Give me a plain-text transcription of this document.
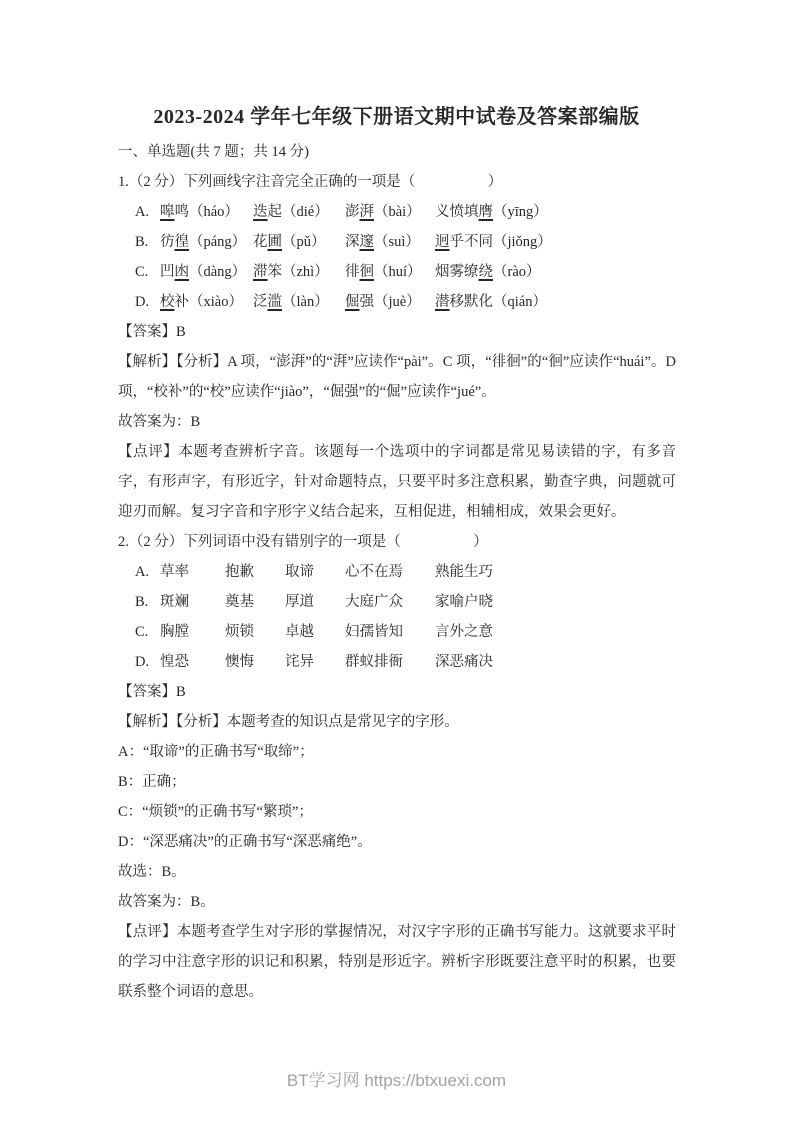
2023-2024 学年七年级下册语文期中试卷及答案部编版

一、单选题(共 7 题；共 14 分)

1.（2 分）下列画线字注音完全正确的一项是（　　　　　）

A. 嗥鸣（háo） 迭起（dié） 澎湃（bài） 义愤填膺（yīng）
B. 彷徨（páng） 花圃（pǔ） 深邃（suì） 迥乎不同（jiǒng）
C. 凹凼（dàng） 滞笨（zhì） 徘徊（huí） 烟雾缭绕（rào）
D. 校补（xiào） 泛滥（làn） 倔强（juè） 潜移默化（qián）

【答案】B

【解析】【分析】A 项，“澎湃”的“湃”应读作“pài”。C 项，“徘徊”的“徊”应读作“huái”。D 项，“校补”的“校”应读作“jiào”，“倔强”的“倔”应读作“jué”。

故答案为：B

【点评】本题考查辨析字音。该题每一个选项中的字词都是常见易读错的字，有多音字，有形声字，有形近字，针对命题特点，只要平时多注意积累，勤查字典，问题就可迎刃而解。复习字音和字形字义结合起来，互相促进，相辅相成，效果会更好。

2.（2 分）下列词语中没有错别字的一项是（　　　　　）

A. 草率 抱歉 取谛 心不在焉 熟能生巧
B. 斑斓 奠基 厚道 大庭广众 家喻户晓
C. 胸膛 烦锁 卓越 妇孺皆知 言外之意
D. 惶恐 懊悔 诧异 群蚁排衙 深恶痛决

【答案】B

【解析】【分析】本题考查的知识点是常见字的字形。

A：“取谛”的正确书写“取缔”；

B：正确；

C：“烦锁”的正确书写“繁琐”；

D：“深恶痛决”的正确书写“深恶痛绝”。

故选：B。

故答案为：B。

【点评】本题考查学生对字形的掌握情况，对汉字字形的正确书写能力。这就要求平时的学习中注意字形的识记和积累，特别是形近字。辨析字形既要注意平时的积累，也要联系整个词语的意思。

BT学习网 https://btxuexi.com
